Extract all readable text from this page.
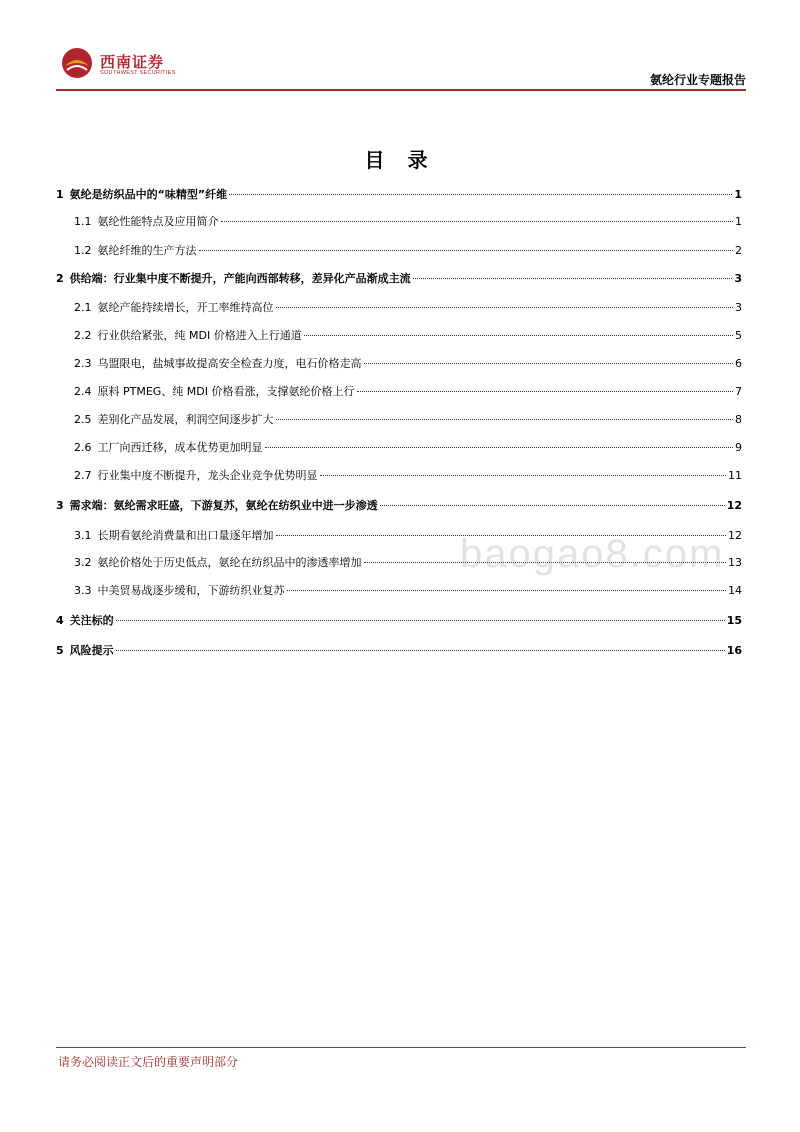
西南证券
SOUTHWEST SECURITIES	氨纶行业专题报告
目 录
1 氨纶是纺织品中的“味精型”纤维	1
1.1 氨纶性能特点及应用简介	1
1.2 氨纶纤维的生产方法	2
2 供给端：行业集中度不断提升，产能向西部转移，差异化产品渐成主流	3
2.1 氨纶产能持续增长，开工率维持高位	3
2.2 行业供给紧张，纯 MDI 价格进入上行通道	5
2.3 乌盟限电，盐城事故提高安全检查力度，电石价格走高	6
2.4 原料 PTMEG、纯 MDI 价格看涨，支撑氨纶价格上行	7
2.5 差别化产品发展，利润空间逐步扩大	8
2.6 工厂向西迁移，成本优势更加明显	9
2.7 行业集中度不断提升，龙头企业竞争优势明显	11
3 需求端：氨纶需求旺盛，下游复苏，氨纶在纺织业中进一步渗透	12
3.1 长期看氨纶消费量和出口量逐年增加	12
3.2 氨纶价格处于历史低点，氨纶在纺织品中的渗透率增加	13
3.3 中美贸易战逐步缓和，下游纺织业复苏	14
4 关注标的	15
5 风险提示	16
baogao8.com
请务必阅读正文后的重要声明部分
